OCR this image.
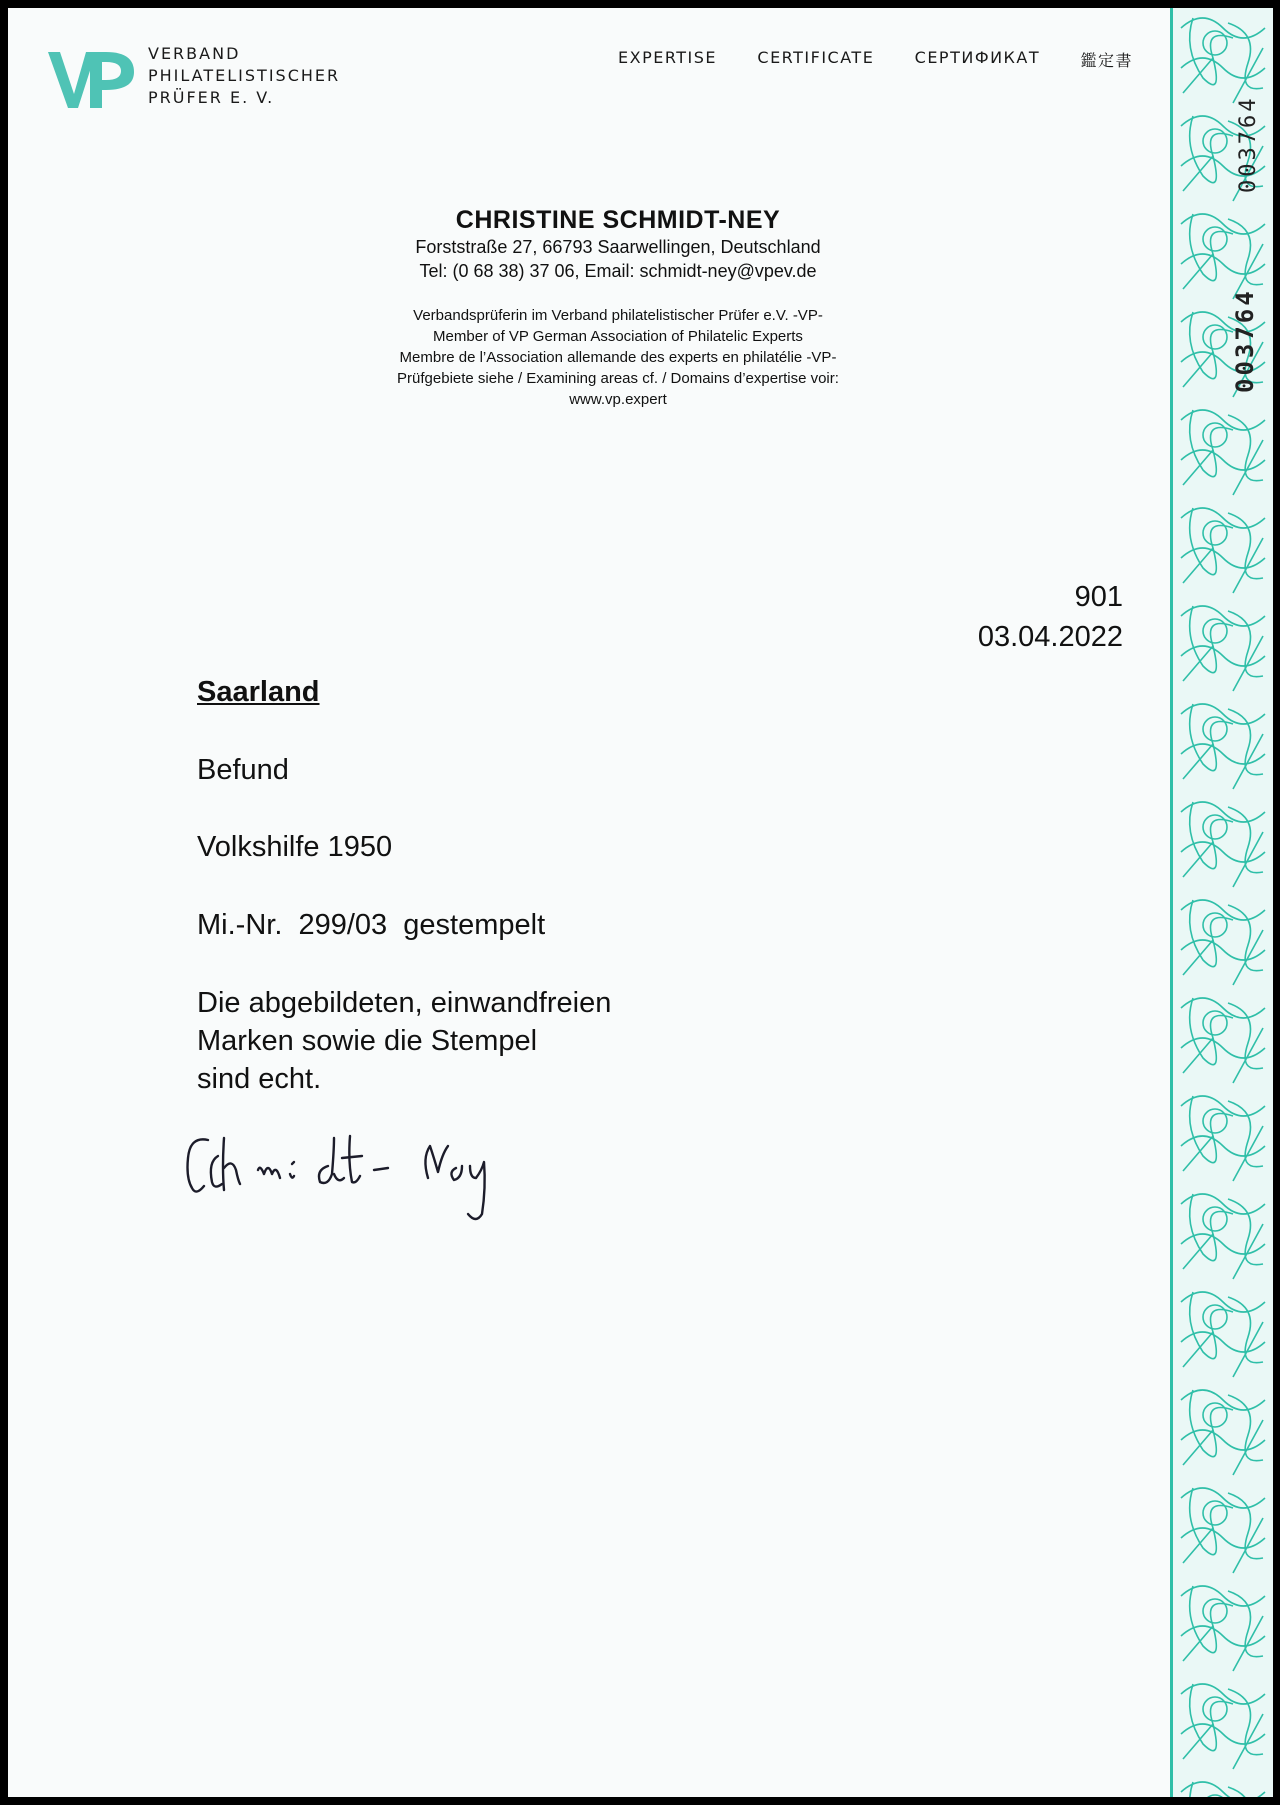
VERBAND
PHILATELISTISCHER
PRÜFER E. V.
EXPERTISE	CERTIFICATE	СЕРТИФИКАТ	鑑定書
CHRISTINE SCHMIDT-NEY
Forststraße 27, 66793 Saarwellingen, Deutschland
Tel: (0 68 38) 37 06, Email: schmidt-ney@vpev.de
Verbandsprüferin im Verband philatelistischer Prüfer e.V. -VP-
Member of VP German Association of Philatelic Experts
Membre de l’Association allemande des experts en philatélie -VP-
Prüfgebiete siehe / Examining areas cf. / Domains d’expertise voir:
www.vp.expert
901
03.04.2022
Saarland
Befund
Volkshilfe 1950
Mi.-Nr.  299/03  gestempelt
Die abgebildeten, einwandfreien
Marken sowie die Stempel
sind echt.
003764
003764
